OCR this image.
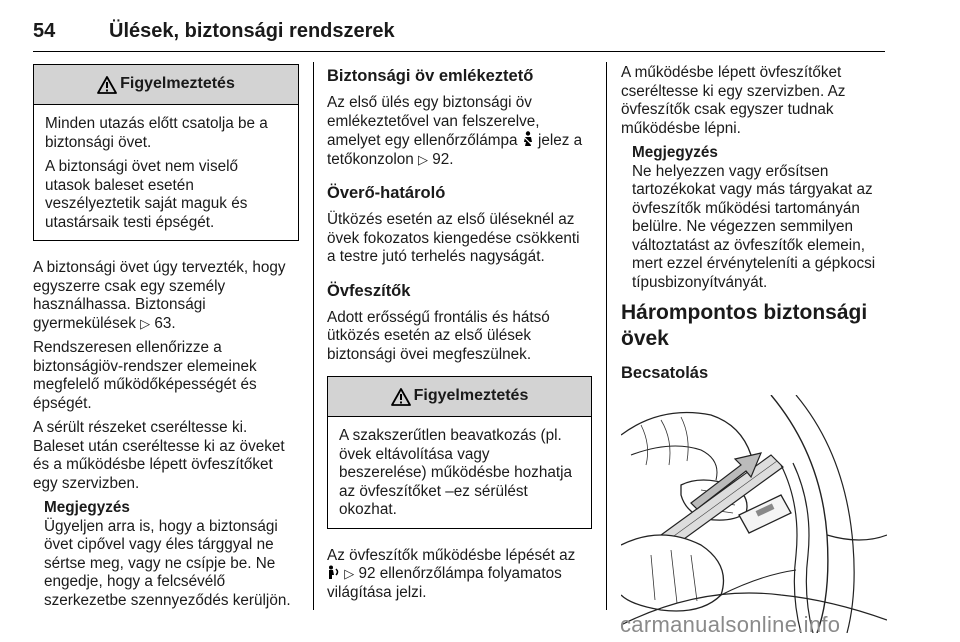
54	Ülések, biztonsági rendszerek
Figyelmeztetés

Minden utazás előtt csatolja be a biztonsági övet.

A biztonsági övet nem viselő utasok baleset esetén veszélyeztetik saját maguk és utastársaik testi épségét.

A biztonsági övet úgy tervezték, hogy egyszerre csak egy személy használhassa. Biztonsági gyermekülések ▷ 63.

Rendszeresen ellenőrizze a biztonságiöv-rendszer elemeinek megfelelő működőképességét és épségét.

A sérült részeket cseréltesse ki. Baleset után cseréltesse ki az öveket és a működésbe lépett övfeszítőket egy szervizben.

Megjegyzés
Ügyeljen arra is, hogy a biztonsági övet cipővel vagy éles tárggyal ne sértse meg, vagy ne csípje be. Ne engedje, hogy a felcsévélő szerkezetbe szennyeződés kerüljön.
Biztonsági öv emlékeztető

Az első ülés egy biztonsági öv emlékeztetővel van felszerelve, amelyet egy ellenőrzőlámpa  jelez a tetőkonzolon ▷ 92.

Överő-határoló

Ütközés esetén az első üléseknél az övek fokozatos kiengedése csökkenti a testre jutó terhelés nagyságát.

Övfeszítők

Adott erősségű frontális és hátsó ütközés esetén az első ülések biztonsági övei megfeszülnek.

Figyelmeztetés

A szakszerűtlen beavatkozás (pl. övek eltávolítása vagy beszerelése) működésbe hozhatja az övfeszítőket –ez sérülést okozhat.

Az övfeszítők működésbe lépését az  ▷ 92 ellenőrzőlámpa folyamatos világítása jelzi.

A működésbe lépett övfeszítőket cseréltesse ki egy szervizben. Az övfeszítők csak egyszer tudnak működésbe lépni.

Megjegyzés
Ne helyezzen vagy erősítsen tartozékokat vagy más tárgyakat az övfeszítők működési tartományán belülre. Ne végezzen semmilyen változtatást az övfeszítők elemein, mert ezzel érvényteleníti a gépkocsi típusbizonyítványát.
Hárompontos biztonsági övek
Becsatolás
carmanualsonline.info
